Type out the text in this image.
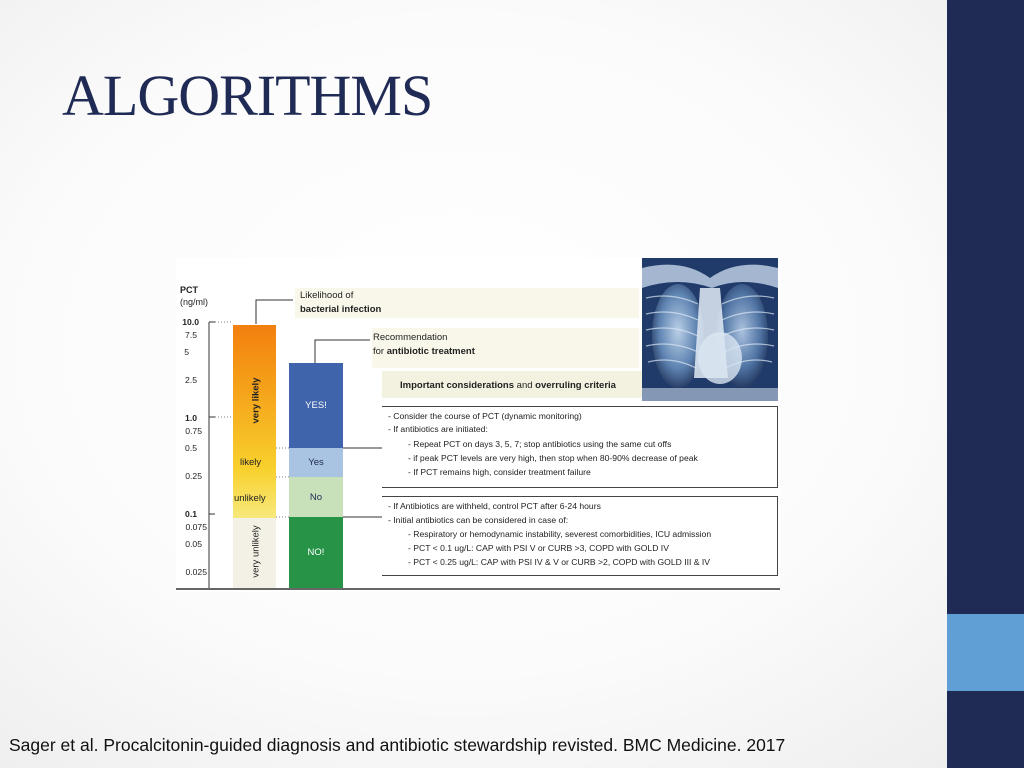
ALGORITHMS
PCT
(ng/ml)
10.0
7.5
5
2.5
1.0
0.75
0.5
0.25
0.1
0.075
0.05
0.025
Likelihood of
bacterial infection
Recommendation
for antibiotic treatment
very likely
likely
unlikely
very unlikely
YES!
Yes
No
NO!
Important considerations and overruling criteria
- Consider the course of PCT (dynamic monitoring)
- If antibiotics are initiated:
- Repeat PCT on days 3, 5, 7; stop antibiotics using the same cut offs
- if peak PCT levels are very high, then stop when 80-90% decrease of peak
- If PCT remains high, consider treatment failure
- If Antibiotics are withheld, control PCT after 6-24 hours
- Initial antibiotics can be considered in case of:
- Respiratory or hemodynamic instability, severest comorbidities, ICU admission
- PCT < 0.1 ug/L: CAP with PSI V or CURB >3, COPD with GOLD IV
- PCT < 0.25 ug/L: CAP with PSI IV & V or CURB >2, COPD with GOLD III & IV
Sager et al. Procalcitonin-guided diagnosis and antibiotic stewardship revisted. BMC Medicine. 2017
